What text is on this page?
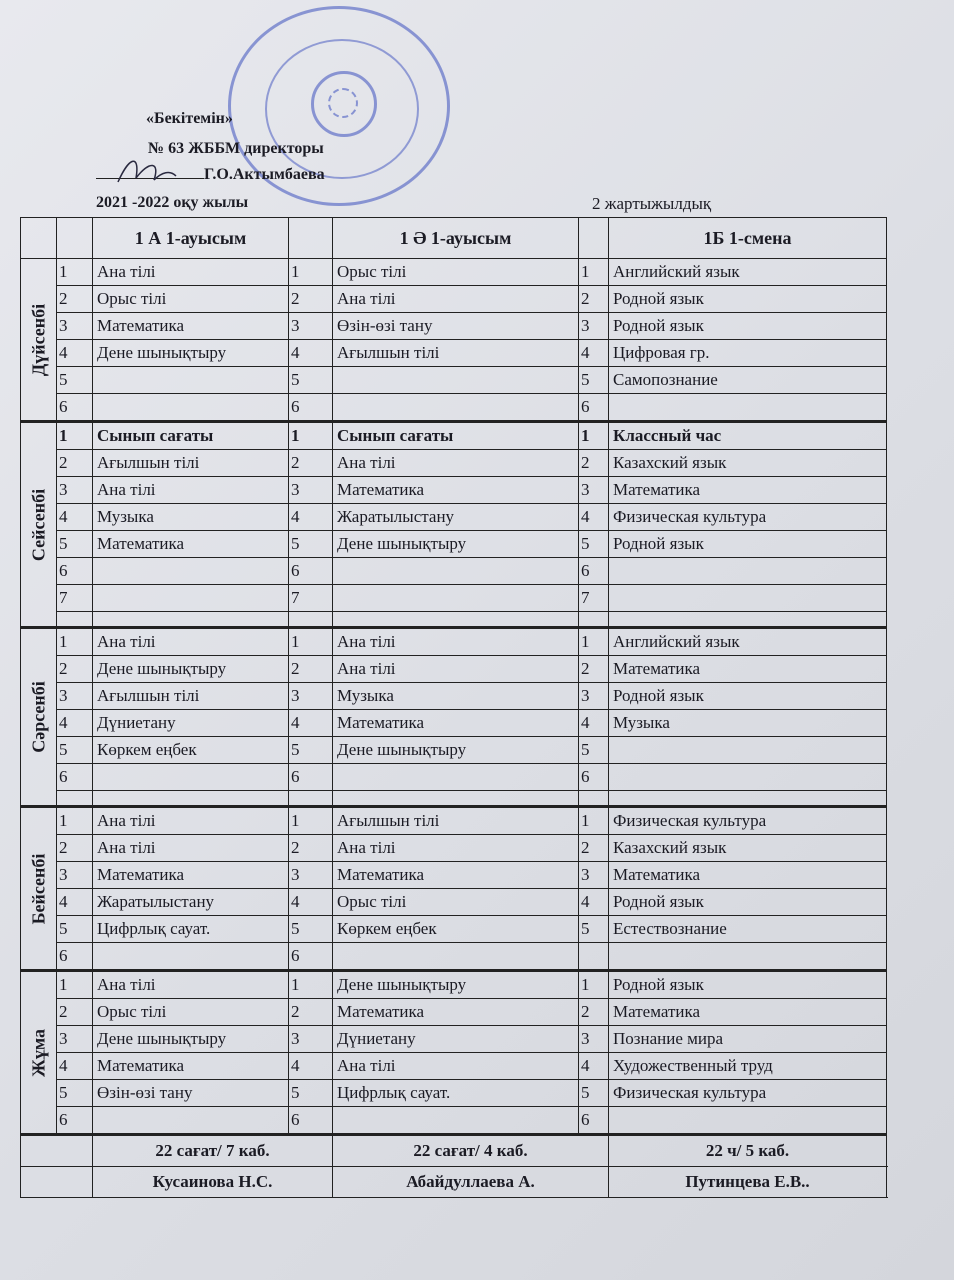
«Бекітемін»
№ 63 ЖББМ директоры
Г.О.Актымбаева
2021 -2022 оқу жылы	2 жартыжылдық
		1 А 1-ауысым		1 Ә 1-ауысым		1Б 1-смена

Дүйсенбі	1	Ана тілі	1	Орыс тілі	1	Английский язык
	2	Орыс тілі	2	Ана тілі	2	Родной язык
	3	Математика	3	Өзін-өзі тану	3	Родной язык
	4	Дене шынықтыру	4	Ағылшын тілі	4	Цифровая гр.
	5		5		5	Самопознание
	6		6		6	

Сейсенбі	1	Сынып сағаты	1	Сынып сағаты	1	Классный час
	2	Ағылшын тілі	2	Ана тілі	2	Казахский язык
	3	Ана тілі	3	Математика	3	Математика
	4	Музыка	4	Жаратылыстану	4	Физическая культура
	5	Математика	5	Дене шынықтыру	5	Родной язык
	6		6		6	
	7		7		7	

Сәрсенбі	1	Ана тілі	1	Ана тілі	1	Английский язык
	2	Дене шынықтыру	2	Ана тілі	2	Математика
	3	Ағылшын тілі	3	Музыка	3	Родной язык
	4	Дүниетану	4	Математика	4	Музыка
	5	Көркем еңбек	5	Дене шынықтыру	5	
	6		6		6	

Бейсенбі	1	Ана тілі	1	Ағылшын тілі	1	Физическая культура
	2	Ана тілі	2	Ана тілі	2	Казахский язык
	3	Математика	3	Математика	3	Математика
	4	Жаратылыстану	4	Орыс тілі	4	Родной язык
	5	Цифрлық сауат.	5	Көркем еңбек	5	Естествознание
	6		6			

Жұма	1	Ана тілі	1	Дене шынықтыру	1	Родной язык
	2	Орыс тілі	2	Математика	2	Математика
	3	Дене шынықтыру	3	Дүниетану	3	Познание мира
	4	Математика	4	Ана тілі	4	Художественный труд
	5	Өзін-өзі тану	5	Цифрлық сауат.	5	Физическая культура
	6		6		6	
		22 сағат/ 7 каб.		22 сағат/ 4 каб.		22 ч/ 5 каб.
		Кусаинова Н.С.		Абайдуллаева А.		Путинцева Е.В..
